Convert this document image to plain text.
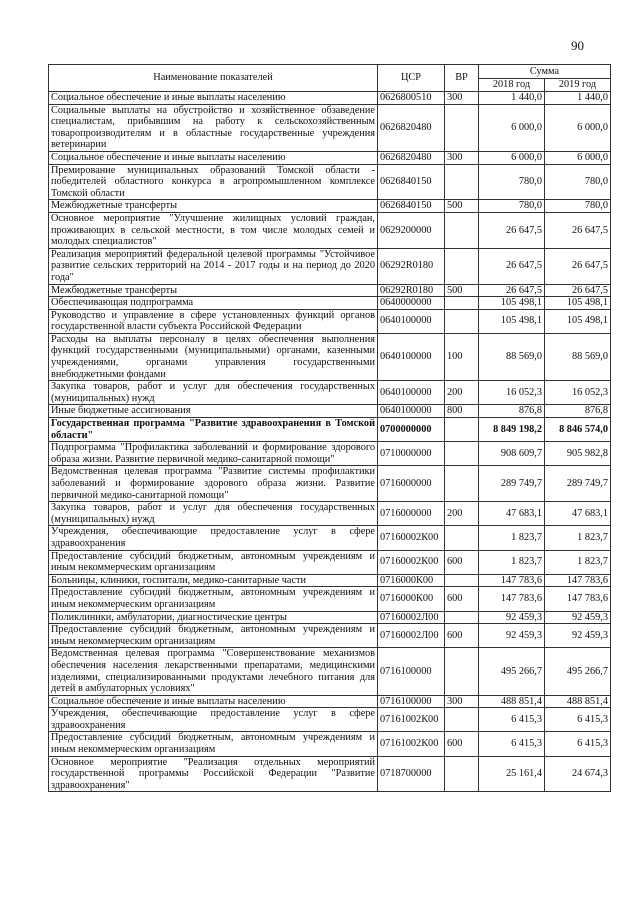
90
Наименование показателей	ЦСР	ВР	Сумма	
			2018 год	2019 год
Социальное обеспечение и иные выплаты населению	0626800510	300	1 440,0	1 440,0
Социальные выплаты на обустройство и хозяйственное обзаведение специалистам, прибывшим на работу к сельскохозяйственным товаропроизводителям и в областные государственные учреждения ветеринарии	0626820480		6 000,0	6 000,0
Социальное обеспечение и иные выплаты населению	0626820480	300	6 000,0	6 000,0
Премирование муниципальных образований Томской области - победителей областного конкурса в агропромышленном комплексе Томской области	0626840150		780,0	780,0
Межбюджетные трансферты	0626840150	500	780,0	780,0
Основное мероприятие "Улучшение жилищных условий граждан, проживающих в сельской местности, в том числе молодых семей и молодых специалистов"	0629200000		26 647,5	26 647,5
Реализация мероприятий федеральной целевой программы "Устойчивое развитие сельских территорий на 2014 - 2017 годы и на период до 2020 года"	06292R0180		26 647,5	26 647,5
Межбюджетные трансферты	06292R0180	500	26 647,5	26 647,5
Обеспечивающая подпрограмма	0640000000		105 498,1	105 498,1
Руководство и управление в сфере установленных функций органов государственной власти субъекта Российской Федерации	0640100000		105 498,1	105 498,1
Расходы на выплаты персоналу в целях обеспечения выполнения функций государственными (муниципальными) органами, казенными учреждениями, органами управления государственными внебюджетными фондами	0640100000	100	88 569,0	88 569,0
Закупка товаров, работ и услуг для обеспечения государственных (муниципальных) нужд	0640100000	200	16 052,3	16 052,3
Иные бюджетные ассигнования	0640100000	800	876,8	876,8
Государственная программа "Развитие здравоохранения в Томской области"	0700000000		8 849 198,2	8 846 574,0
Подпрограмма "Профилактика заболеваний и формирование здорового образа жизни. Развитие первичной медико-санитарной помощи"	0710000000		908 609,7	905 982,8
Ведомственная целевая программа "Развитие системы профилактики заболеваний и формирование здорового образа жизни. Развитие первичной медико-санитарной помощи"	0716000000		289 749,7	289 749,7
Закупка товаров, работ и услуг для обеспечения государственных (муниципальных) нужд	0716000000	200	47 683,1	47 683,1
Учреждения, обеспечивающие предоставление услуг в сфере здравоохранения	07160002К00		1 823,7	1 823,7
Предоставление субсидий бюджетным, автономным учреждениям и иным некоммерческим организациям	07160002К00	600	1 823,7	1 823,7
Больницы, клиники, госпитали, медико-санитарные части	0716000К00		147 783,6	147 783,6
Предоставление субсидий бюджетным, автономным учреждениям и иным некоммерческим организациям	0716000К00	600	147 783,6	147 783,6
Поликлиники, амбулатории, диагностические центры	07160002Л00		92 459,3	92 459,3
Предоставление субсидий бюджетным, автономным учреждениям и иным некоммерческим организациям	07160002Л00	600	92 459,3	92 459,3
Ведомственная целевая программа "Совершенствование механизмов обеспечения населения лекарственными препаратами, медицинскими изделиями, специализированными продуктами лечебного питания для детей в амбулаторных условиях"	0716100000		495 266,7	495 266,7
Социальное обеспечение и иные выплаты населению	0716100000	300	488 851,4	488 851,4
Учреждения, обеспечивающие предоставление услуг в сфере здравоохранения	07161002К00		6 415,3	6 415,3
Предоставление субсидий бюджетным, автономным учреждениям и иным некоммерческим организациям	07161002К00	600	6 415,3	6 415,3
Основное мероприятие "Реализация отдельных мероприятий государственной программы Российской Федерации "Развитие здравоохранения"	0718700000		25 161,4	24 674,3
